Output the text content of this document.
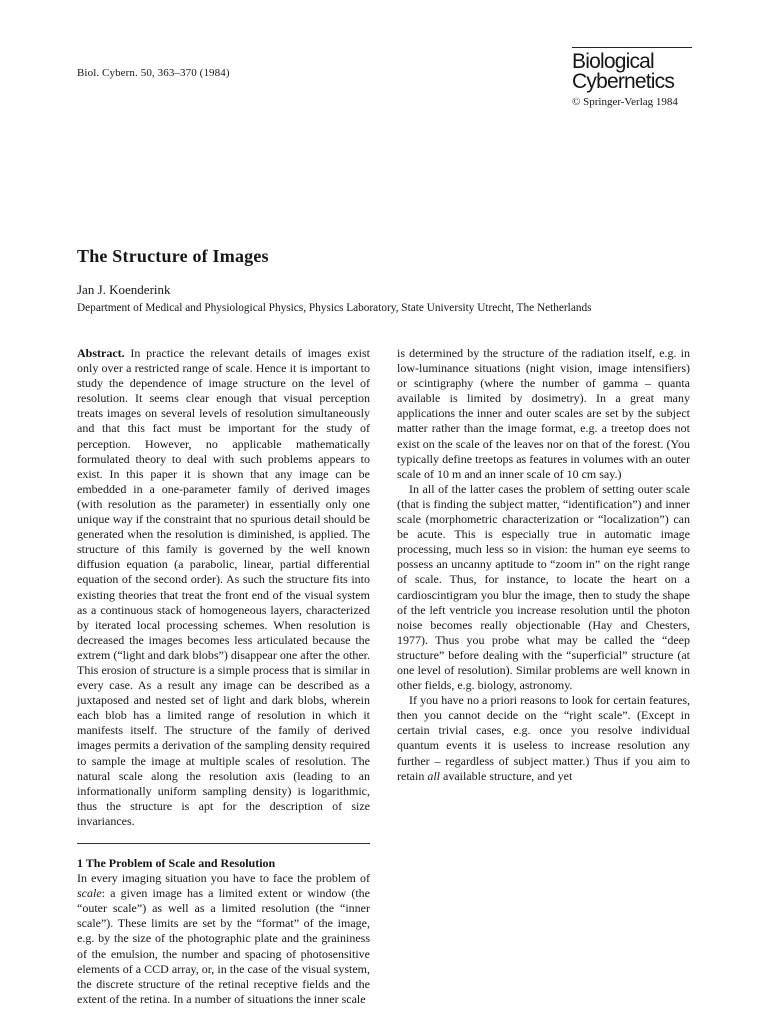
Biol. Cybern. 50, 363–370 (1984)	Biological
Cybernetics
© Springer-Verlag 1984
The Structure of Images

Jan J. Koenderink

Department of Medical and Physiological Physics, Physics Laboratory, State University Utrecht, The Netherlands

Abstract. In practice the relevant details of images exist only over a restricted range of scale. Hence it is important to study the dependence of image structure on the level of resolution. It seems clear enough that visual perception treats images on several levels of resolution simultaneously and that this fact must be important for the study of perception. However, no applicable mathematically formulated theory to deal with such problems appears to exist. In this paper it is shown that any image can be embedded in a one-parameter family of derived images (with resolution as the parameter) in essentially only one unique way if the constraint that no spurious detail should be generated when the resolution is diminished, is applied. The structure of this family is governed by the well known diffusion equation (a parabolic, linear, partial differential equation of the second order). As such the structure fits into existing theories that treat the front end of the visual system as a continuous stack of homogeneous layers, characterized by iterated local processing schemes. When resolution is decreased the images becomes less articulated because the extrem (“light and dark blobs”) disappear one after the other. This erosion of structure is a simple process that is similar in every case. As a result any image can be described as a juxtaposed and nested set of light and dark blobs, wherein each blob has a limited range of resolution in which it manifests itself. The structure of the family of derived images permits a derivation of the sampling density required to sample the image at multiple scales of resolution. The natural scale along the resolution axis (leading to an informationally uniform sampling density) is logarithmic, thus the structure is apt for the description of size invariances.

1 The Problem of Scale and Resolution

In every imaging situation you have to face the problem of scale: a given image has a limited extent or window (the “outer scale”) as well as a limited resolution (the “inner scale”). These limits are set by the “format” of the image, e.g. by the size of the photographic plate and the graininess of the emulsion, the number and spacing of photosensitive elements of a CCD array, or, in the case of the visual system, the discrete structure of the retinal receptive fields and the extent of the retina. In a number of situations the inner scale

is determined by the structure of the radiation itself, e.g. in low-luminance situations (night vision, image intensifiers) or scintigraphy (where the number of gamma – quanta available is limited by dosimetry). In a great many applications the inner and outer scales are set by the subject matter rather than the image format, e.g. a treetop does not exist on the scale of the leaves nor on that of the forest. (You typically define treetops as features in volumes with an outer scale of 10 m and an inner scale of 10 cm say.)

In all of the latter cases the problem of setting outer scale (that is finding the subject matter, “identification”) and inner scale (morphometric characterization or “localization”) can be acute. This is especially true in automatic image processing, much less so in vision: the human eye seems to possess an uncanny aptitude to “zoom in” on the right range of scale. Thus, for instance, to locate the heart on a cardioscintigram you blur the image, then to study the shape of the left ventricle you increase resolution until the photon noise becomes really objectionable (Hay and Chesters, 1977). Thus you probe what may be called the “deep structure” before dealing with the “superficial” structure (at one level of resolution). Similar problems are well known in other fields, e.g. biology, astronomy.

If you have no a priori reasons to look for certain features, then you cannot decide on the “right scale”. (Except in certain trivial cases, e.g. once you resolve individual quantum events it is useless to increase resolution any further – regardless of subject matter.) Thus if you aim to retain all available structure, and yet
